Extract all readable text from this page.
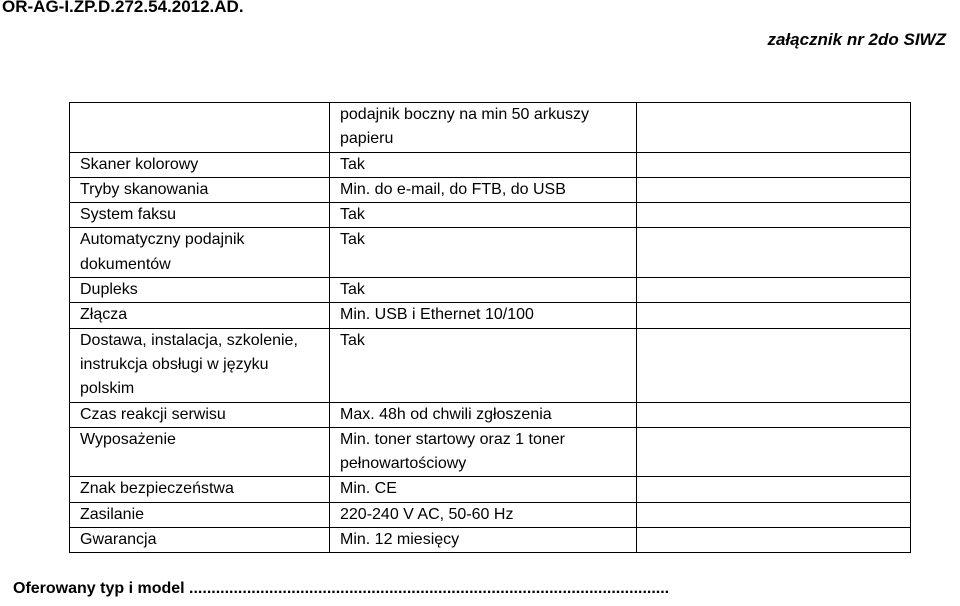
OR-AG-I.ZP.D.272.54.2012.AD.
załącznik nr 2do SIWZ
	podajnik boczny na min 50 arkuszy papieru	
Skaner kolorowy	Tak	
Tryby skanowania	Min. do e-mail, do FTB, do USB	
System faksu	Tak	
Automatyczny podajnik dokumentów	Tak	
Dupleks	Tak	
Złącza	Min. USB i Ethernet 10/100	
Dostawa, instalacja, szkolenie, instrukcja obsługi w języku polskim	Tak	
Czas reakcji serwisu	Max. 48h od chwili zgłoszenia	
Wyposażenie	Min. toner startowy oraz 1 toner pełnowartościowy	
Znak bezpieczeństwa	Min. CE	
Zasilanie	220-240 V AC, 50-60 Hz	
Gwarancja	Min. 12 miesięcy	
Oferowany typ i model ............................................................................................................
